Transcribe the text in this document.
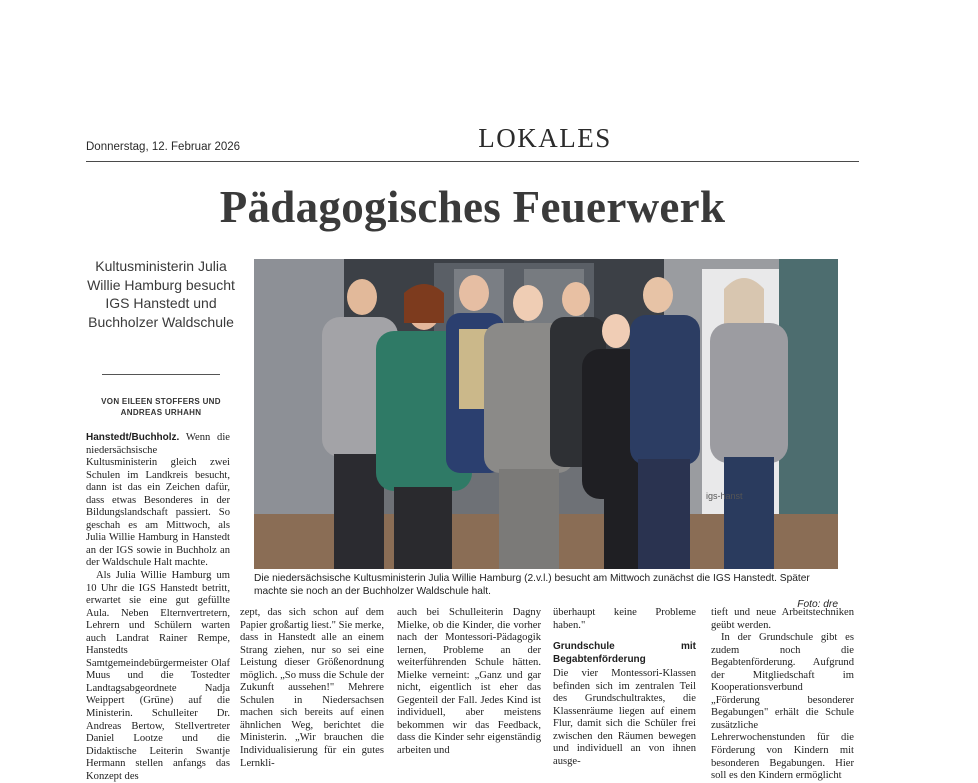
Donnerstag, 12. Februar 2026	LOKALES
Pädagogisches Feuerwerk
Kultusministerin Julia Willie Hamburg besucht IGS Hanstedt und Buchholzer Waldschule
VON EILEEN STOFFERS UND ANDREAS URHAHN
igs-hanst
Die niedersächsische Kultusministerin Julia Willie Hamburg (2.v.l.) besucht am Mittwoch zunächst die IGS Hanstedt. Später machte sie noch an der Buchholzer Waldschule halt.
Foto: dre

Hanstedt/Buchholz. Wenn die niedersächsische Kultusministerin gleich zwei Schulen im Landkreis besucht, dann ist das ein Zeichen dafür, dass etwas Besonderes in der Bildungslandschaft passiert. So geschah es am Mittwoch, als Julia Willie Hamburg in Hanstedt an der IGS sowie in Buchholz an der Waldschule Halt machte.

Als Julia Willie Hamburg um 10 Uhr die IGS Hanstedt betritt, erwartet sie eine gut gefüllte Aula. Neben Elternvertretern, Lehrern und Schülern warten auch Landrat Rainer Rempe, Hanstedts Samtgemeindebürgermeister Olaf Muus und die Tostedter Landtagsabgeordnete Nadja Weippert (Grüne) auf die Ministerin. Schulleiter Dr. Andreas Bertow, Stellvertreter Daniel Lootze und die Didaktische Leiterin Swantje Hermann stellen anfangs das Konzept des

zept, das sich schon auf dem Papier großartig liest." Sie merke, dass in Hanstedt alle an einem Strang ziehen, nur so sei eine Leistung dieser Größenordnung möglich. „So muss die Schule der Zukunft aussehen!" Mehrere Schulen in Niedersachsen machen sich bereits auf einen ähnlichen Weg, berichtet die Ministerin. „Wir brauchen die Individualisierung für ein gutes Lernkli-

auch bei Schulleiterin Dagny Mielke, ob die Kinder, die vorher nach der Montessori-Pädagogik lernen, Probleme an der weiterführenden Schule hätten. Mielke verneint: „Ganz und gar nicht, eigentlich ist eher das Gegenteil der Fall. Jedes Kind ist individuell, aber meistens bekommen wir das Feedback, dass die Kinder sehr eigenständig arbeiten und

überhaupt keine Probleme haben."

Grundschule mit Begabtenförderung

Die vier Montessori-Klassen befinden sich im zentralen Teil des Grundschultraktes, die Klassenräume liegen auf einem Flur, damit sich die Schüler frei zwischen den Räumen bewegen und individuell an von ihnen ausge-

tieft und neue Arbeitstechniken geübt werden.

In der Grundschule gibt es zudem noch die Begabtenförderung. Aufgrund der Mitgliedschaft im Kooperationsverbund „Förderung besonderer Begabungen" erhält die Schule zusätzliche Lehrerwochenstunden für die Förderung von Kindern mit besonderen Begabungen. Hier soll es den Kindern ermöglicht
